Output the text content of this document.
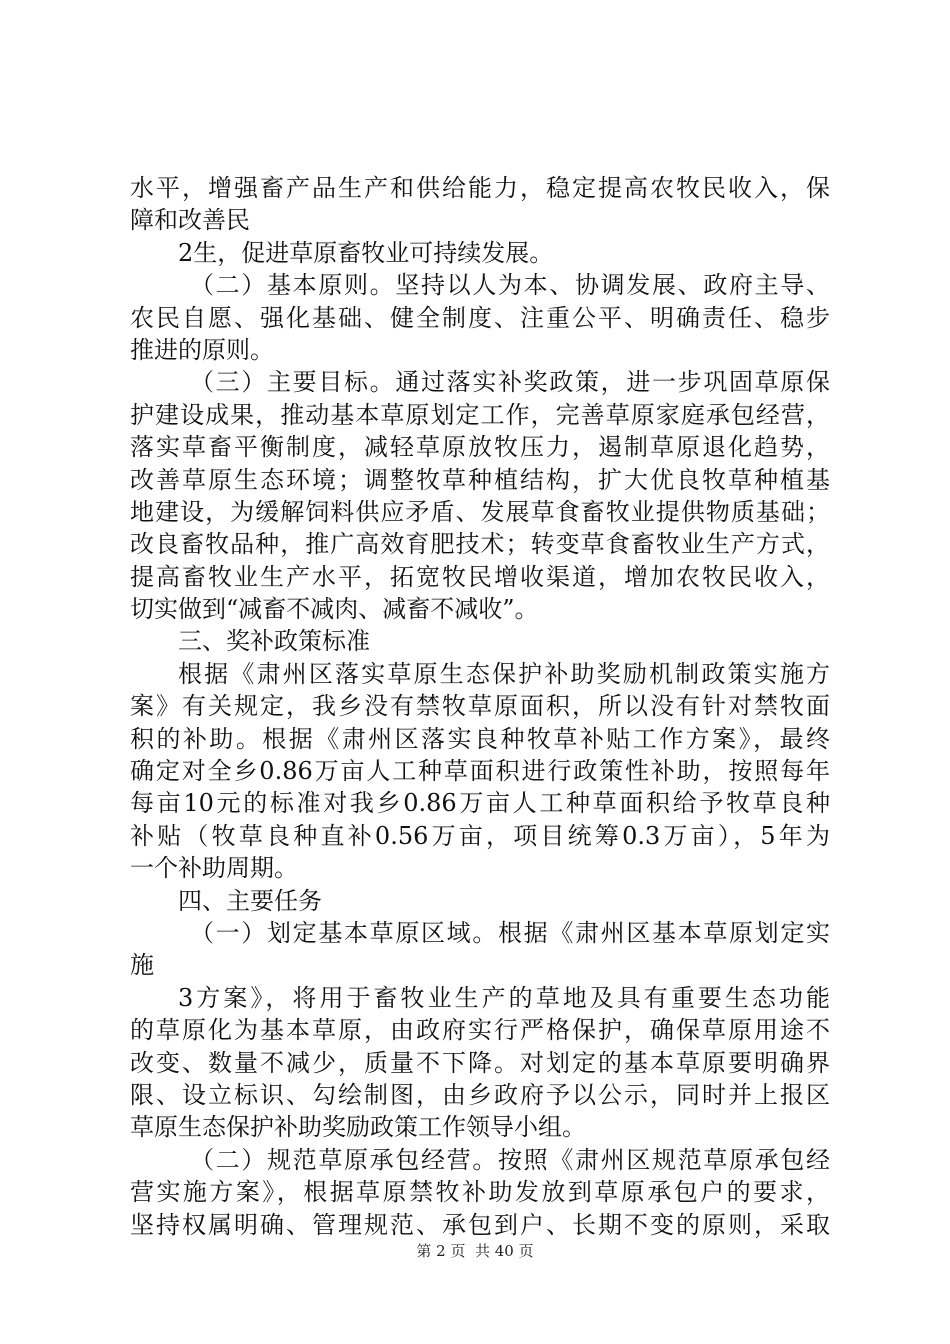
水平，增强畜产品生产和供给能力，稳定提高农牧民收入，保
障和改善民
2生，促进草原畜牧业可持续发展。
（二）基本原则。坚持以人为本、协调发展、政府主导、
农民自愿、强化基础、健全制度、注重公平、明确责任、稳步
推进的原则。
（三）主要目标。通过落实补奖政策，进一步巩固草原保
护建设成果，推动基本草原划定工作，完善草原家庭承包经营，
落实草畜平衡制度，减轻草原放牧压力，遏制草原退化趋势，
改善草原生态环境；调整牧草种植结构，扩大优良牧草种植基
地建设，为缓解饲料供应矛盾、发展草食畜牧业提供物质基础；
改良畜牧品种，推广高效育肥技术；转变草食畜牧业生产方式，
提高畜牧业生产水平，拓宽牧民增收渠道，增加农牧民收入，
切实做到“减畜不减肉、减畜不减收”。
三、奖补政策标准
根据《肃州区落实草原生态保护补助奖励机制政策实施方
案》有关规定，我乡没有禁牧草原面积，所以没有针对禁牧面
积的补助。根据《肃州区落实良种牧草补贴工作方案》，最终
确定对全乡0.86万亩人工种草面积进行政策性补助，按照每年
每亩10元的标准对我乡0.86万亩人工种草面积给予牧草良种
补贴（牧草良种直补0.56万亩，项目统筹0.3万亩），5年为
一个补助周期。
四、主要任务
（一）划定基本草原区域。根据《肃州区基本草原划定实
施
3方案》，将用于畜牧业生产的草地及具有重要生态功能
的草原化为基本草原，由政府实行严格保护，确保草原用途不
改变、数量不减少，质量不下降。对划定的基本草原要明确界
限、设立标识、勾绘制图，由乡政府予以公示，同时并上报区
草原生态保护补助奖励政策工作领导小组。
（二）规范草原承包经营。按照《肃州区规范草原承包经
营实施方案》，根据草原禁牧补助发放到草原承包户的要求，
坚持权属明确、管理规范、承包到户、长期不变的原则，采取
第 2 页  共 40 页
